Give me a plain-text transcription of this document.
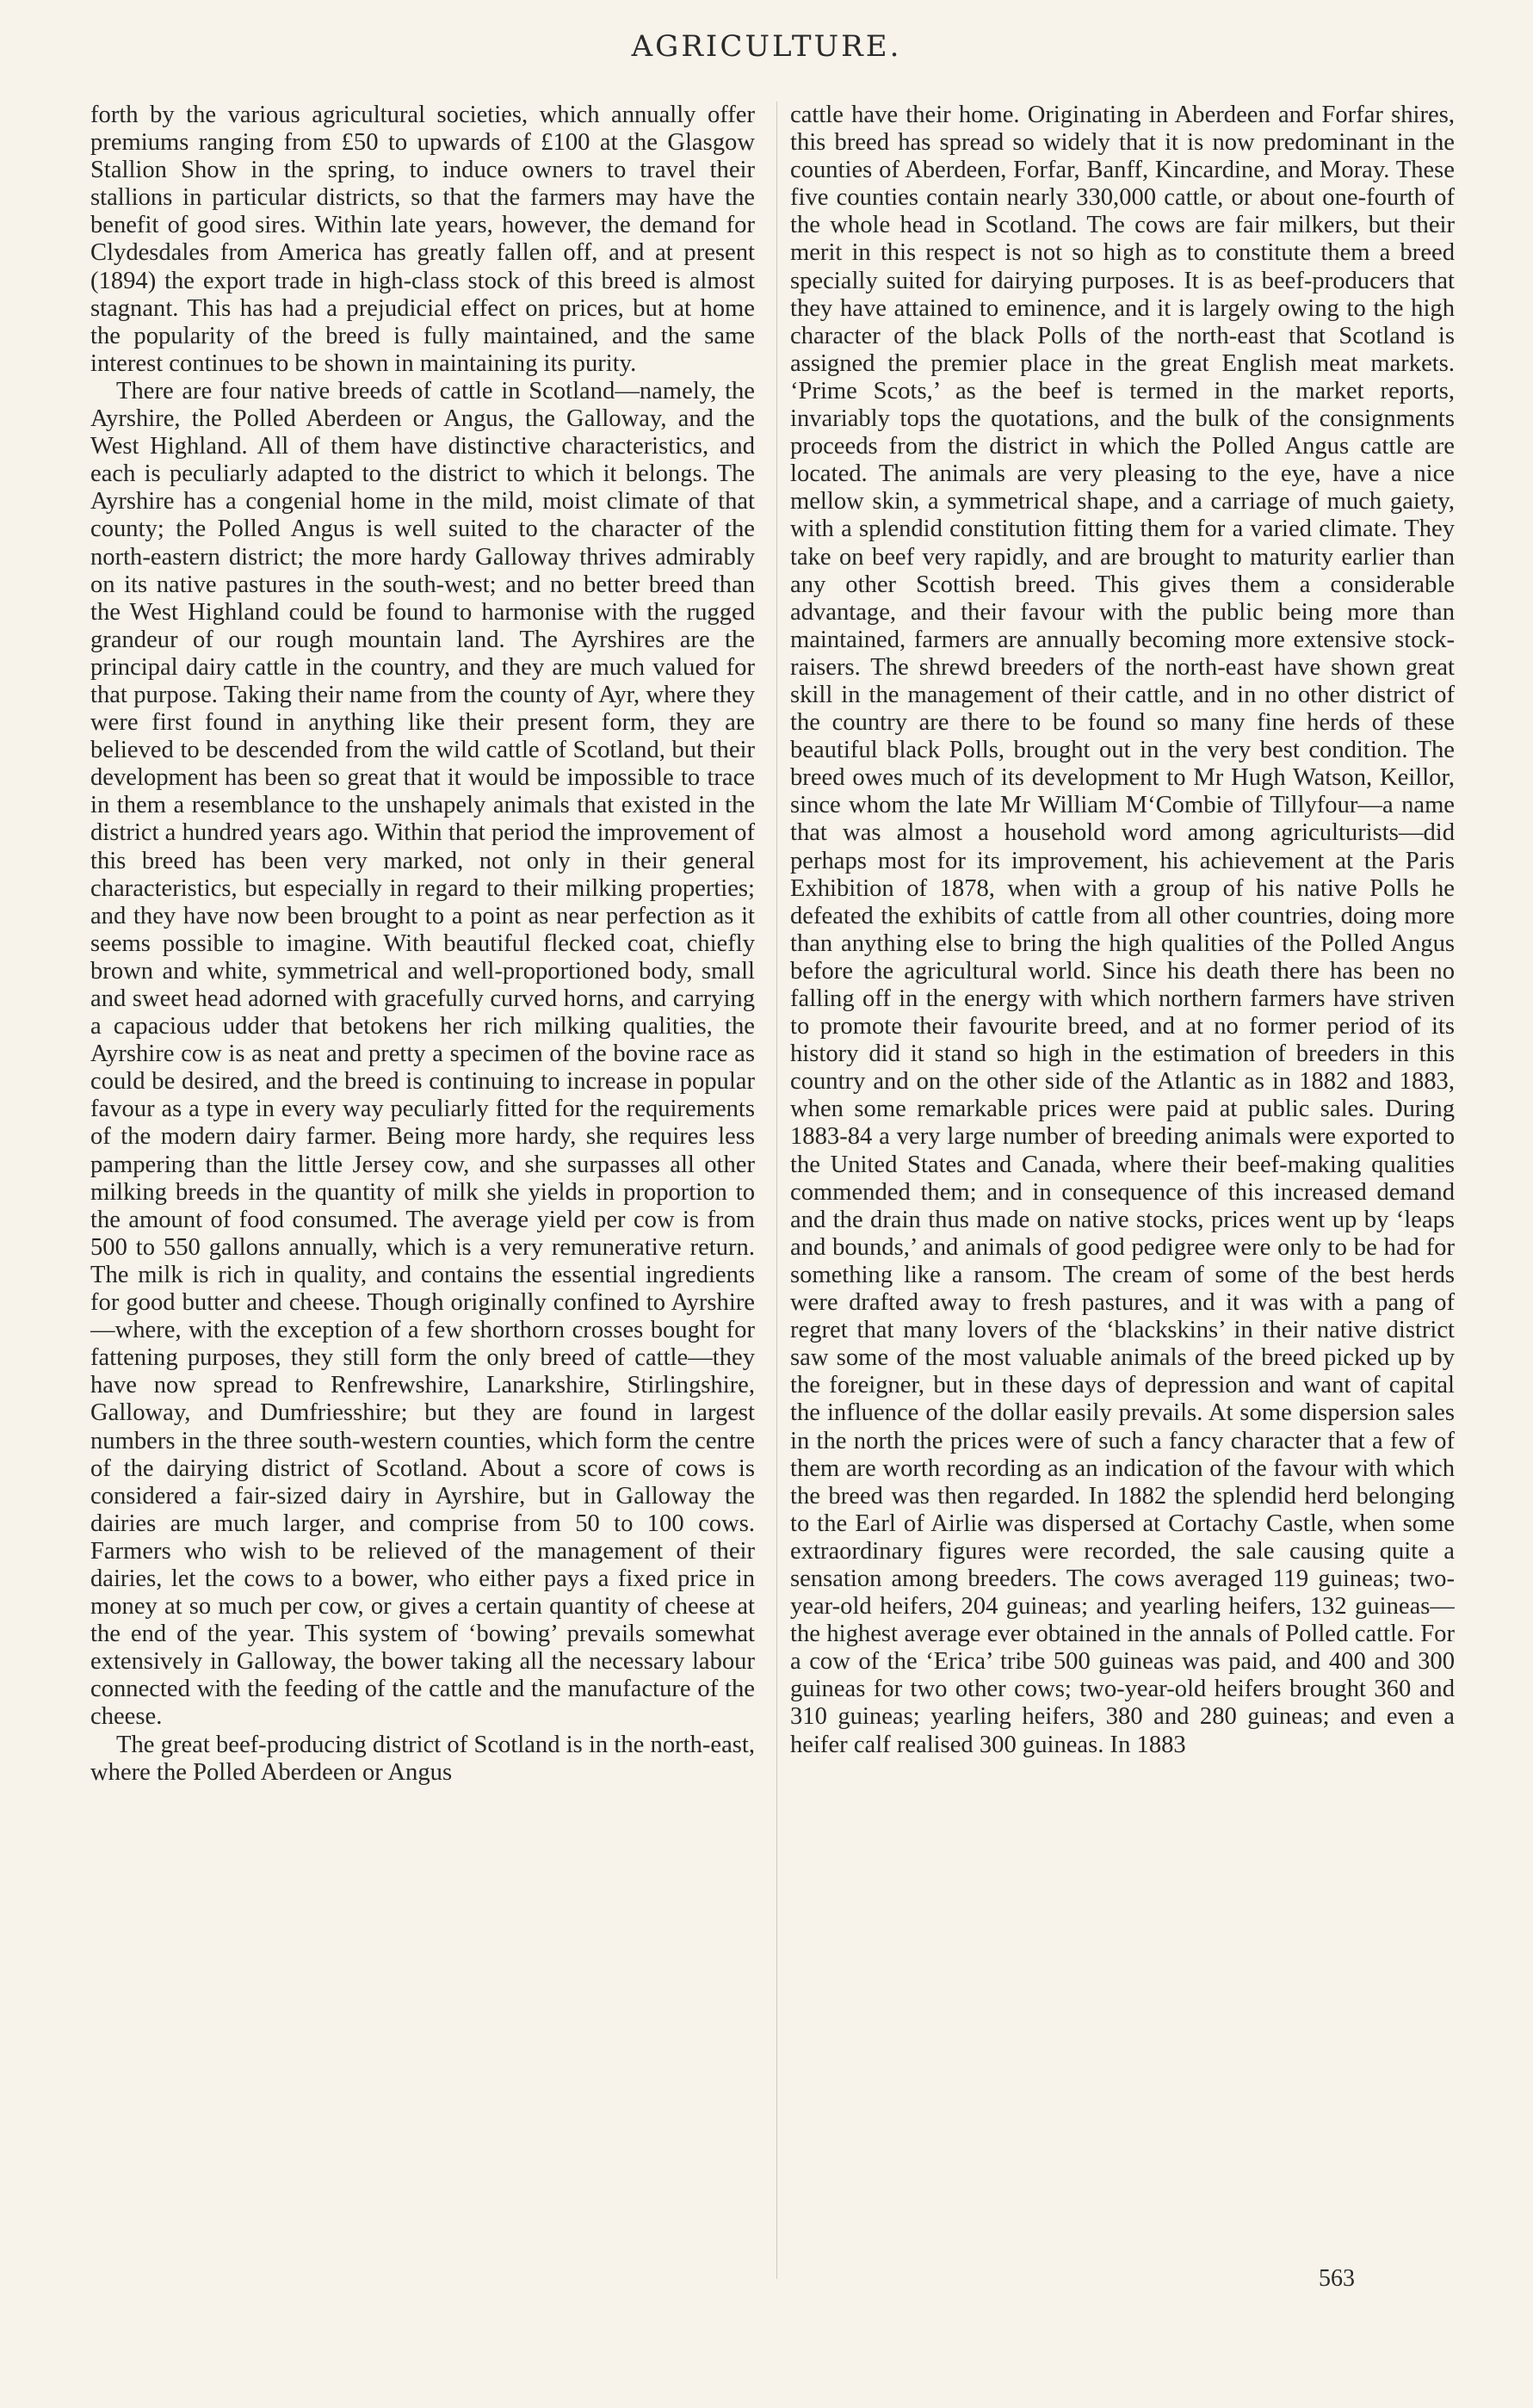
AGRICULTURE.

forth by the various agricultural societies, which annually offer premiums ranging from £50 to upwards of £100 at the Glasgow Stallion Show in the spring, to induce owners to travel their stallions in particular districts, so that the farmers may have the benefit of good sires. Within late years, however, the demand for Clydesdales from America has greatly fallen off, and at present (1894) the export trade in high-class stock of this breed is almost stagnant. This has had a prejudicial effect on prices, but at home the popularity of the breed is fully maintained, and the same interest continues to be shown in maintaining its purity.

There are four native breeds of cattle in Scotland—namely, the Ayrshire, the Polled Aberdeen or Angus, the Galloway, and the West Highland. All of them have distinctive characteristics, and each is peculiarly adapted to the district to which it belongs. The Ayrshire has a congenial home in the mild, moist climate of that county; the Polled Angus is well suited to the character of the north-eastern district; the more hardy Galloway thrives admirably on its native pastures in the south-west; and no better breed than the West Highland could be found to harmonise with the rugged grandeur of our rough mountain land. The Ayrshires are the principal dairy cattle in the country, and they are much valued for that purpose. Taking their name from the county of Ayr, where they were first found in anything like their present form, they are believed to be descended from the wild cattle of Scotland, but their development has been so great that it would be impossible to trace in them a resemblance to the unshapely animals that existed in the district a hundred years ago. Within that period the improvement of this breed has been very marked, not only in their general characteristics, but especially in regard to their milking properties; and they have now been brought to a point as near perfection as it seems possible to imagine. With beautiful flecked coat, chiefly brown and white, symmetrical and well-proportioned body, small and sweet head adorned with gracefully curved horns, and carrying a capacious udder that betokens her rich milking qualities, the Ayrshire cow is as neat and pretty a specimen of the bovine race as could be desired, and the breed is continuing to increase in popular favour as a type in every way peculiarly fitted for the requirements of the modern dairy farmer. Being more hardy, she requires less pampering than the little Jersey cow, and she surpasses all other milking breeds in the quantity of milk she yields in proportion to the amount of food consumed. The average yield per cow is from 500 to 550 gallons annually, which is a very remunerative return. The milk is rich in quality, and contains the essential ingredients for good butter and cheese. Though originally confined to Ayrshire—where, with the exception of a few shorthorn crosses bought for fattening purposes, they still form the only breed of cattle—they have now spread to Renfrewshire, Lanarkshire, Stirlingshire, Galloway, and Dumfriesshire; but they are found in largest numbers in the three south-western counties, which form the centre of the dairying district of Scotland. About a score of cows is considered a fair-sized dairy in Ayrshire, but in Galloway the dairies are much larger, and comprise from 50 to 100 cows. Farmers who wish to be relieved of the management of their dairies, let the cows to a bower, who either pays a fixed price in money at so much per cow, or gives a certain quantity of cheese at the end of the year. This system of ‘bowing’ prevails somewhat extensively in Galloway, the bower taking all the necessary labour connected with the feeding of the cattle and the manufacture of the cheese.

The great beef-producing district of Scotland is in the north-east, where the Polled Aberdeen or Angus

cattle have their home. Originating in Aberdeen and Forfar shires, this breed has spread so widely that it is now predominant in the counties of Aberdeen, Forfar, Banff, Kincardine, and Moray. These five counties contain nearly 330,000 cattle, or about one-fourth of the whole head in Scotland. The cows are fair milkers, but their merit in this respect is not so high as to constitute them a breed specially suited for dairying purposes. It is as beef-producers that they have attained to eminence, and it is largely owing to the high character of the black Polls of the north-east that Scotland is assigned the premier place in the great English meat markets. ‘Prime Scots,’ as the beef is termed in the market reports, invariably tops the quotations, and the bulk of the consignments proceeds from the district in which the Polled Angus cattle are located. The animals are very pleasing to the eye, have a nice mellow skin, a symmetrical shape, and a carriage of much gaiety, with a splendid constitution fitting them for a varied climate. They take on beef very rapidly, and are brought to maturity earlier than any other Scottish breed. This gives them a considerable advantage, and their favour with the public being more than maintained, farmers are annually becoming more extensive stock-raisers. The shrewd breeders of the north-east have shown great skill in the management of their cattle, and in no other district of the country are there to be found so many fine herds of these beautiful black Polls, brought out in the very best condition. The breed owes much of its development to Mr Hugh Watson, Keillor, since whom the late Mr William M‘Combie of Tillyfour—a name that was almost a household word among agriculturists—did perhaps most for its improvement, his achievement at the Paris Exhibition of 1878, when with a group of his native Polls he defeated the exhibits of cattle from all other countries, doing more than anything else to bring the high qualities of the Polled Angus before the agricultural world. Since his death there has been no falling off in the energy with which northern farmers have striven to promote their favourite breed, and at no former period of its history did it stand so high in the estimation of breeders in this country and on the other side of the Atlantic as in 1882 and 1883, when some remarkable prices were paid at public sales. During 1883-84 a very large number of breeding animals were exported to the United States and Canada, where their beef-making qualities commended them; and in consequence of this increased demand and the drain thus made on native stocks, prices went up by ‘leaps and bounds,’ and animals of good pedigree were only to be had for something like a ransom. The cream of some of the best herds were drafted away to fresh pastures, and it was with a pang of regret that many lovers of the ‘blackskins’ in their native district saw some of the most valuable animals of the breed picked up by the foreigner, but in these days of depression and want of capital the influence of the dollar easily prevails. At some dispersion sales in the north the prices were of such a fancy character that a few of them are worth recording as an indication of the favour with which the breed was then regarded. In 1882 the splendid herd belonging to the Earl of Airlie was dispersed at Cortachy Castle, when some extraordinary figures were recorded, the sale causing quite a sensation among breeders. The cows averaged 119 guineas; two-year-old heifers, 204 guineas; and yearling heifers, 132 guineas—the highest average ever obtained in the annals of Polled cattle. For a cow of the ‘Erica’ tribe 500 guineas was paid, and 400 and 300 guineas for two other cows; two-year-old heifers brought 360 and 310 guineas; yearling heifers, 380 and 280 guineas; and even a heifer calf realised 300 guineas. In 1883

563
